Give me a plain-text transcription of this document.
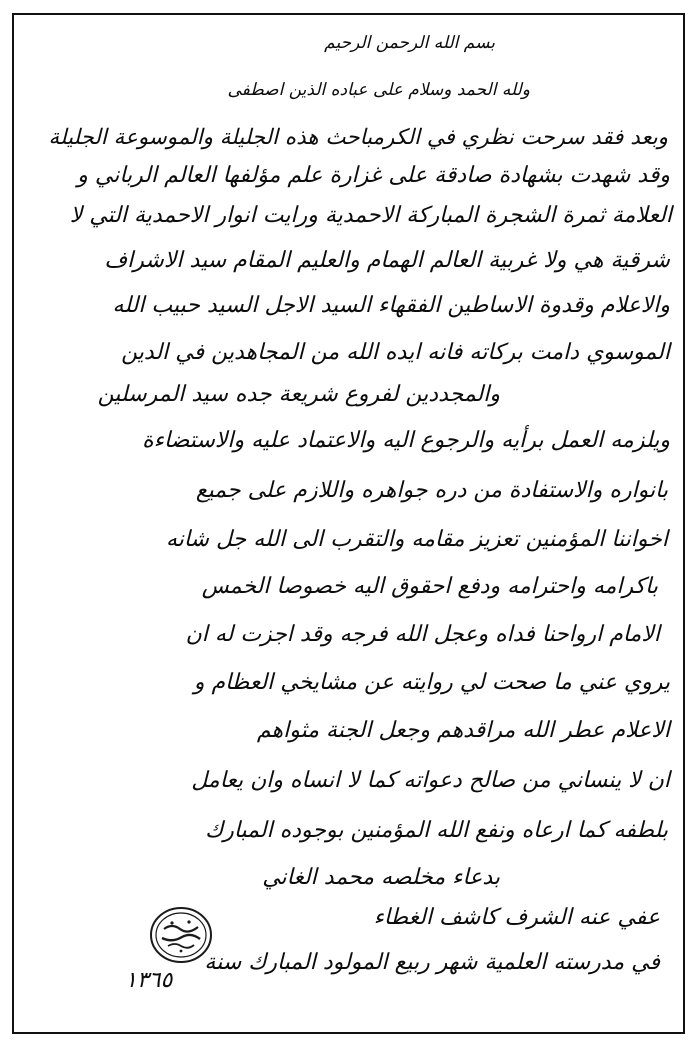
بسم الله الرحمن الرحيم
ولله الحمد وسلام على عباده الذين اصطفى
وبعد فقد سرحت نظري في الكرمباحث هذه الجليلة والموسوعة الجليلة
وقد شهدت بشهادة صادقة على غزارة علم مؤلفها العالم الرباني و
العلامة ثمرة الشجرة المباركة الاحمدية ورايت انوار الاحمدية التي لا
شرقية هي ولا غربية العالم الهمام والعليم المقام سيد الاشراف
والاعلام وقدوة الاساطين الفقهاء السيد الاجل السيد حبيب الله
الموسوي دامت بركاته فانه ايده الله من المجاهدين في الدين
والمجددين لفروع شريعة جده سيد المرسلين
ويلزمه العمل برأيه والرجوع اليه والاعتماد عليه والاستضاءة
بانواره والاستفادة من دره جواهره واللازم على جميع
اخواننا المؤمنين تعزيز مقامه والتقرب الى الله جل شانه
باكرامه واحترامه ودفع احقوق اليه خصوصا الخمس
الامام ارواحنا فداه وعجل الله فرجه وقد اجزت له ان
يروي عني ما صحت لي روايته عن مشايخي العظام و
الاعلام عطر الله مراقدهم وجعل الجنة مثواهم
ان لا ينساني من صالح دعواته كما لا انساه وان يعامل
بلطفه كما ارعاه ونفع الله المؤمنين بوجوده المبارك
بدعاء مخلصه محمد الغاني
عفي عنه الشرف كاشف الغطاء
في مدرسته العلمية شهر ربيع المولود المبارك سنة
١٣٦٥
